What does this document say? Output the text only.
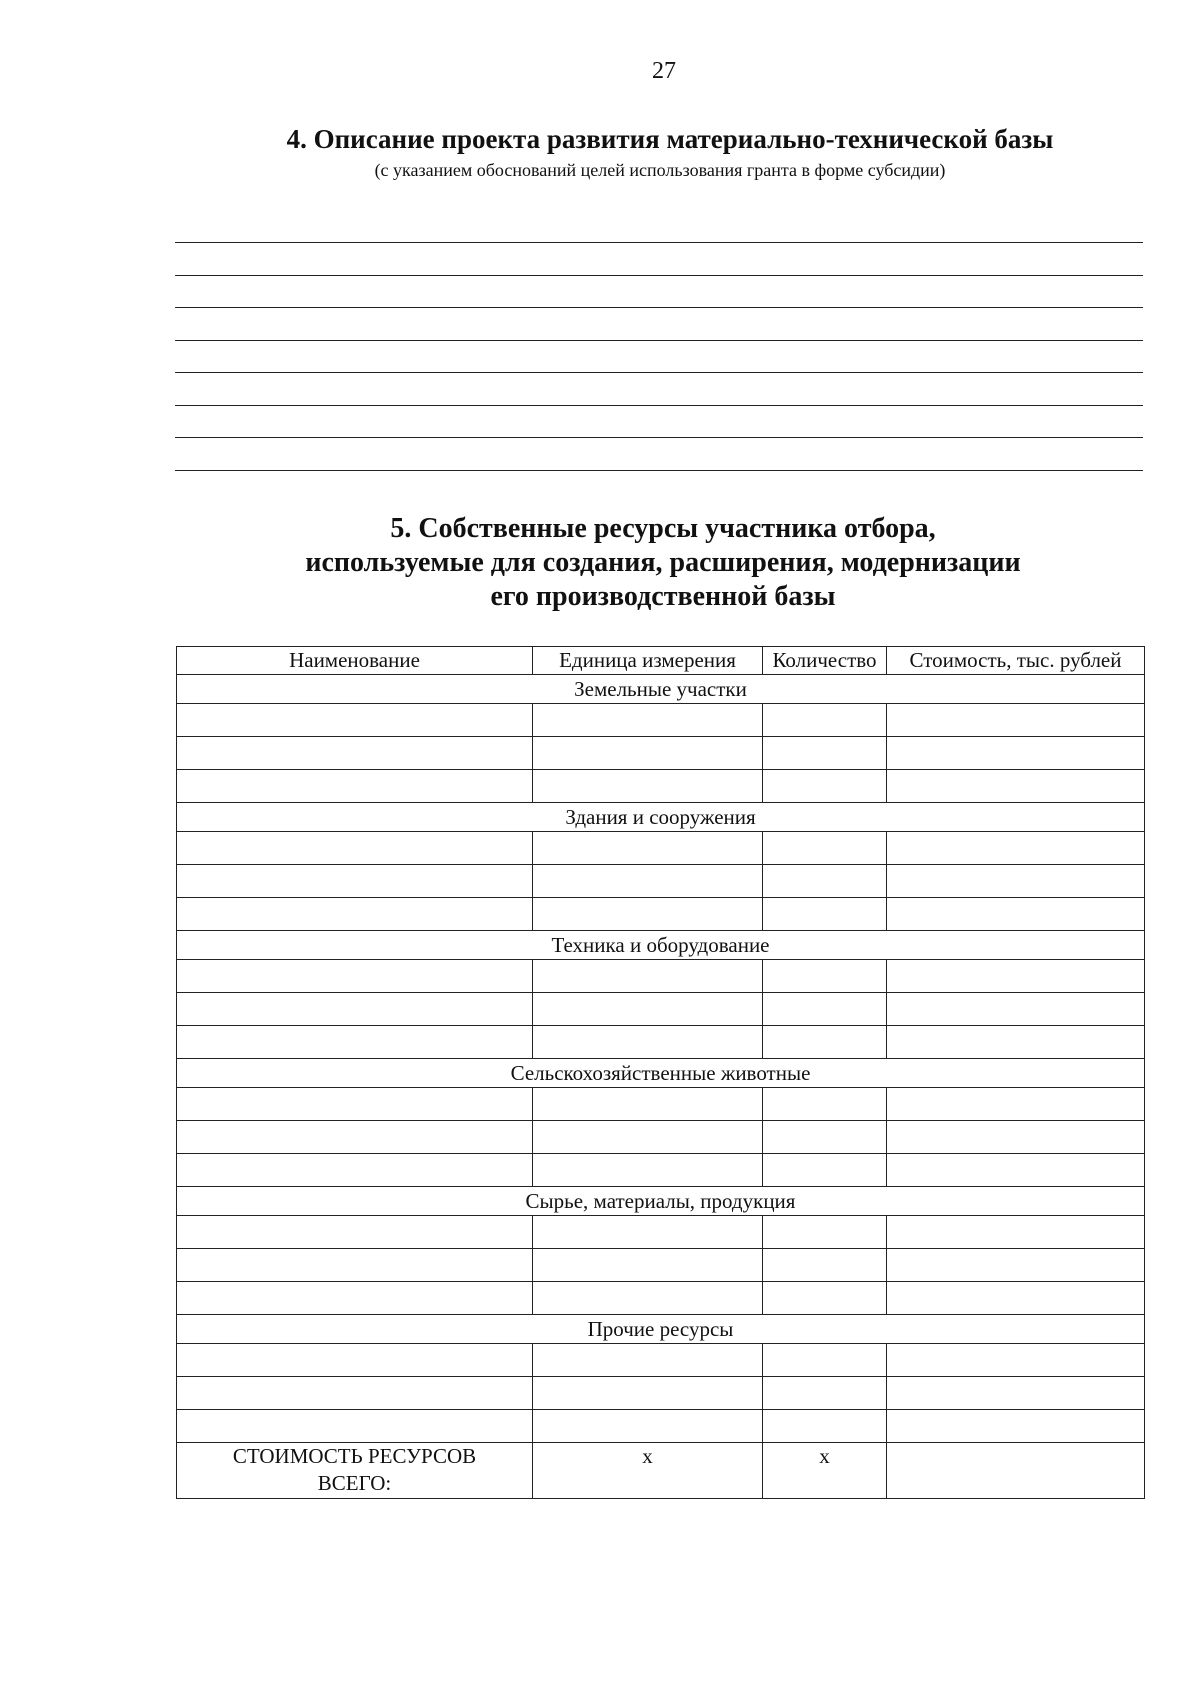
27
4. Описание проекта развития материально-технической базы
(с указанием обоснований целей использования гранта в форме субсидии)
5. Собственные ресурсы участника отбора,
используемые для создания, расширения, модернизации
его производственной базы
Наименование	Единица измерения	Количество	Стоимость, тыс. рублей
Земельные участки			

Здания и сооружения			

Техника и оборудование			

Сельскохозяйственные животные			

Сырье, материалы, продукция			

Прочие ресурсы			

СТОИМОСТЬ РЕСУРСОВ
ВСЕГО:	х	х	
